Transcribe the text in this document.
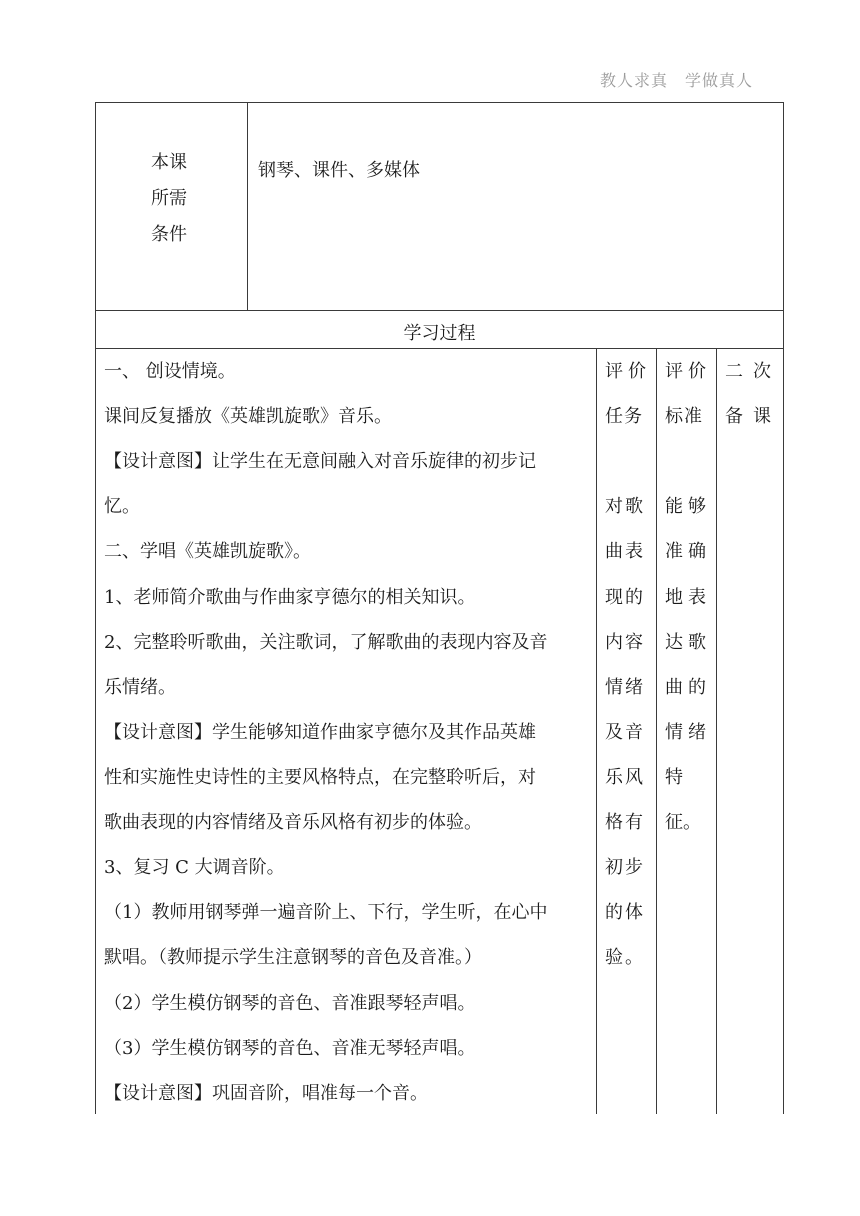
教人求真　学做真人
本课
所需
条件
钢琴、课件、多媒体
学习过程
一、 创设情境。
课间反复播放《英雄凯旋歌》音乐。
【设计意图】让学生在无意间融入对音乐旋律的初步记
忆。
二、学唱《英雄凯旋歌》。
1、老师简介歌曲与作曲家亨德尔的相关知识。
2、完整聆听歌曲，关注歌词，了解歌曲的表现内容及音
乐情绪。
【设计意图】学生能够知道作曲家亨德尔及其作品英雄
性和实施性史诗性的主要风格特点，在完整聆听后，对
歌曲表现的内容情绪及音乐风格有初步的体验。
3、复习 C 大调音阶。
（1）教师用钢琴弹一遍音阶上、下行，学生听，在心中
默唱。（教师提示学生注意钢琴的音色及音准。）
（2）学生模仿钢琴的音色、音准跟琴轻声唱。
（3）学生模仿钢琴的音色、音准无琴轻声唱。
【设计意图】巩固音阶，唱准每一个音。
评价
任务
对歌
曲表
现的
内容
情绪
及音
乐风
格有
初步
的体
验。
评价
标准
能够
准确
地表
达歌
曲的
情绪
特
征。
二次
备课
